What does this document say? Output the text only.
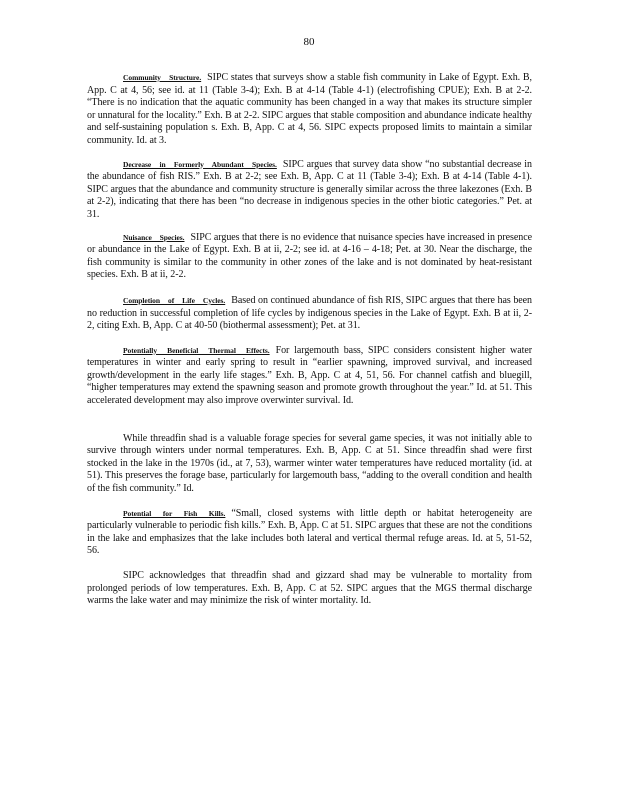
80

Community Structure. SIPC states that surveys show a stable fish community in Lake of Egypt. Exh. B, App. C at 4, 56; see id. at 11 (Table 3-4); Exh. B at 4-14 (Table 4-1) (electrofishing CPUE); Exh. B at 2-2. “There is no indication that the aquatic community has been changed in a way that makes its structure simpler or unnatural for the locality.” Exh. B at 2-2. SIPC argues that stable composition and abundance indicate healthy and self-sustaining population s. Exh. B, App. C at 4, 56. SIPC expects proposed limits to maintain a similar community. Id. at 3.

Decrease in Formerly Abundant Species. SIPC argues that survey data show “no substantial decrease in the abundance of fish RIS.” Exh. B at 2-2; see Exh. B, App. C at 11 (Table 3-4); Exh. B at 4-14 (Table 4-1). SIPC argues that the abundance and community structure is generally similar across the three lakezones (Exh. B at 2-2), indicating that there has been “no decrease in indigenous species in the other biotic categories.” Pet. at 31.

Nuisance Species. SIPC argues that there is no evidence that nuisance species have increased in presence or abundance in the Lake of Egypt. Exh. B at ii, 2-2; see id. at 4-16 – 4-18; Pet. at 30. Near the discharge, the fish community is similar to the community in other zones of the lake and is not dominated by heat-resistant species. Exh. B at ii, 2-2.

Completion of Life Cycles. Based on continued abundance of fish RIS, SIPC argues that there has been no reduction in successful completion of life cycles by indigenous species in the Lake of Egypt. Exh. B at ii, 2-2, citing Exh. B, App. C at 40-50 (biothermal assessment); Pet. at 31.

Potentially Beneficial Thermal Effects. For largemouth bass, SIPC considers consistent higher water temperatures in winter and early spring to result in “earlier spawning, improved survival, and increased growth/development in the early life stages.” Exh. B, App. C at 4, 51, 56. For channel catfish and bluegill, “higher temperatures may extend the spawning season and promote growth throughout the year.” Id. at 51. This accelerated development may also improve overwinter survival. Id.

While threadfin shad is a valuable forage species for several game species, it was not initially able to survive through winters under normal temperatures. Exh. B, App. C at 51. Since threadfin shad were first stocked in the lake in the 1970s (id., at 7, 53), warmer winter water temperatures have reduced mortality (id. at 51). This preserves the forage base, particularly for largemouth bass, “adding to the overall condition and health of the fish community.” Id.

Potential for Fish Kills. “Small, closed systems with little depth or habitat heterogeneity are particularly vulnerable to periodic fish kills.” Exh. B, App. C at 51. SIPC argues that these are not the conditions in the lake and emphasizes that the lake includes both lateral and vertical thermal refuge areas. Id. at 5, 51-52, 56.

SIPC acknowledges that threadfin shad and gizzard shad may be vulnerable to mortality from prolonged periods of low temperatures. Exh. B, App. C at 52. SIPC argues that the MGS thermal discharge warms the lake water and may minimize the risk of winter mortality. Id.
